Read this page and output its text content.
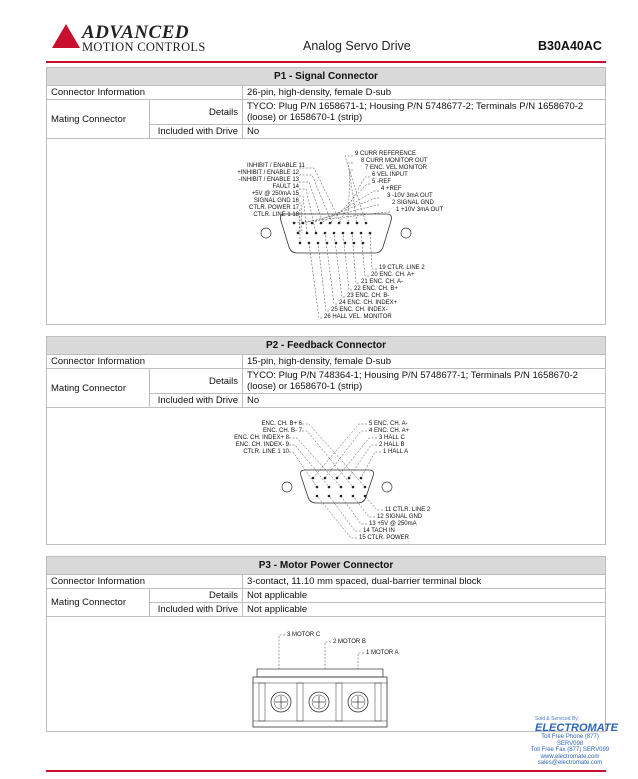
ADVANCED
MOTION CONTROLS	Analog Servo Drive	B30A40AC
P1 - Signal Connector
Connector Information		26-pin, high-density, female D-sub
Mating Connector	Details	TYCO: Plug P/N 1658671-1; Housing P/N 5748677-2; Terminals P/N 1658670-2 (loose) or 1658670-1 (strip)
	Included with Drive	No
INHIBIT / ENABLE 11
+INHIBIT / ENABLE 12
-INHIBIT / ENABLE 13
FAULT 14
+5V @ 250mA 15
SIGNAL GND 16
CTLR. POWER 17
CTLR. LINE 1 18
9 CURR REFERENCE
8 CURR MONITOR OUT
7 ENC. VEL MONITOR
6 VEL INPUT
5 -REF
4 +REF
3 -10V 3mA OUT
2 SIGNAL GND
1 +10V 3mA OUT
19 CTLR. LINE 2
20 ENC. CH. A+
21 ENC. CH. A-
22 ENC. CH. B+
23 ENC. CH. B-
24 ENC. CH. INDEX+
25 ENC. CH. INDEX-
26 HALL VEL. MONITOR
P2 - Feedback Connector
Connector Information		15-pin, high-density, female D-sub
Mating Connector	Details	TYCO: Plug P/N 748364-1; Housing P/N 5748677-1; Terminals P/N 1658670-2 (loose) or 1658670-1 (strip)
	Included with Drive	No
ENC. CH. B+ 6
ENC. CH. B- 7
ENC. CH. INDEX+ 8
ENC. CH. INDEX- 9
CTLR. LINE 1 10
5 ENC. CH. A-
4 ENC. CH. A+
3 HALL C
2 HALL B
1 HALL A
11 CTLR. LINE 2
12 SIGNAL GND
13 +5V @ 250mA
14 TACH IN
15 CTLR. POWER
P3 - Motor Power Connector
Connector Information		3-contact, 11.10 mm spaced, dual-barrier terminal block
Mating Connector	Details	Not applicable
	Included with Drive	Not applicable
3 MOTOR C
2 MOTOR B
1 MOTOR A
Sold & Serviced By:
ELECTROMATE
Toll Free Phone (877) SERV098
Toll Free Fax (877) SERV099
www.electromate.com
sales@electromate.com
